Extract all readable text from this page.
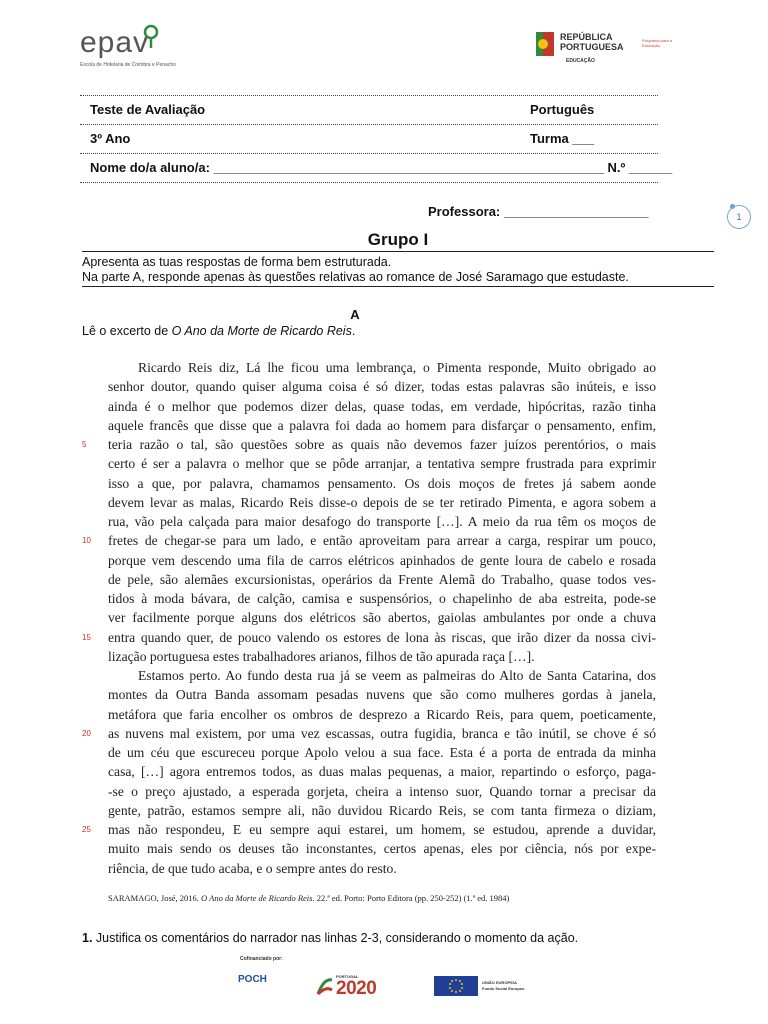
epav
Escola de Hotelaria de Coimbra e Penacho
REPÚBLICA
PORTUGUESA
EDUCAÇÃO
Programa para a Educação
Teste de Avaliação	Português
3º Ano	Turma ___
Nome do/a aluno/a: ______________________________________________________ N.º ______
Professora: ____________________	1
Grupo I
Apresenta as tuas respostas de forma bem estruturada.
Na parte A, responde apenas às questões relativas ao romance de José Saramago que estudaste.
A
Lê o excerto de O Ano da Morte de Ricardo Reis.
Ricardo Reis diz, Lá lhe ficou uma lembrança, o Pimenta responde, Muito obrigado ao
senhor doutor, quando quiser alguma coisa é só dizer, todas estas palavras são inúteis, e isso
ainda é o melhor que podemos dizer delas, quase todas, em verdade, hipócritas, razão tinha
aquele francês que disse que a palavra foi dada ao homem para disfarçar o pensamento, enfim,
teria razão o tal, são questões sobre as quais não devemos fazer juízos perentórios, o mais
certo é ser a palavra o melhor que se pôde arranjar, a tentativa sempre frustrada para exprimir
isso a que, por palavra, chamamos pensamento. Os dois moços de fretes já sabem aonde
devem levar as malas, Ricardo Reis disse-o depois de se ter retirado Pimenta, e agora sobem a
rua, vão pela calçada para maior desafogo do transporte […]. A meio da rua têm os moços de
fretes de chegar-se para um lado, e então aproveitam para arrear a carga, respirar um pouco,
porque vem descendo uma fila de carros elétricos apinhados de gente loura de cabelo e rosada
de pele, são alemães excursionistas, operários da Frente Alemã do Trabalho, quase todos ves-
tidos à moda bávara, de calção, camisa e suspensórios, o chapelinho de aba estreita, pode-se
ver facilmente porque alguns dos elétricos são abertos, gaiolas ambulantes por onde a chuva
entra quando quer, de pouco valendo os estores de lona às riscas, que irão dizer da nossa civi-
lização portuguesa estes trabalhadores arianos, filhos de tão apurada raça […].
Estamos perto. Ao fundo desta rua já se veem as palmeiras do Alto de Santa Catarina, dos
montes da Outra Banda assomam pesadas nuvens que são como mulheres gordas à janela,
metáfora que faria encolher os ombros de desprezo a Ricardo Reis, para quem, poeticamente,
as nuvens mal existem, por uma vez escassas, outra fugidia, branca e tão inútil, se chove é só
de um céu que escureceu porque Apolo velou a sua face. Esta é a porta de entrada da minha
casa, […] agora entremos todos, as duas malas pequenas, a maior, repartindo o esforço, paga-
-se o preço ajustado, a esperada gorjeta, cheira a intenso suor, Quando tornar a precisar da
gente, patrão, estamos sempre ali, não duvidou Ricardo Reis, se com tanta firmeza o diziam,
mas não respondeu, E eu sempre aqui estarei, um homem, se estudou, aprende a duvidar,
muito mais sendo os deuses tão inconstantes, certos apenas, eles por ciência, nós por expe-
riência, de que tudo acaba, e o sempre antes do resto.
5
10
15
20
25
SARAMAGO, José, 2016. O Ano da Morte de Ricardo Reis. 22.ª ed. Porto: Porto Editora (pp. 250-252) (1.ª ed. 1984)
1. Justifica os comentários do narrador nas linhas 2-3, considerando o momento da ação.
Cofinanciado por:
POCH	PORTUGAL
2020	UNIÃO EUROPEIA
Fundo Social Europeu
